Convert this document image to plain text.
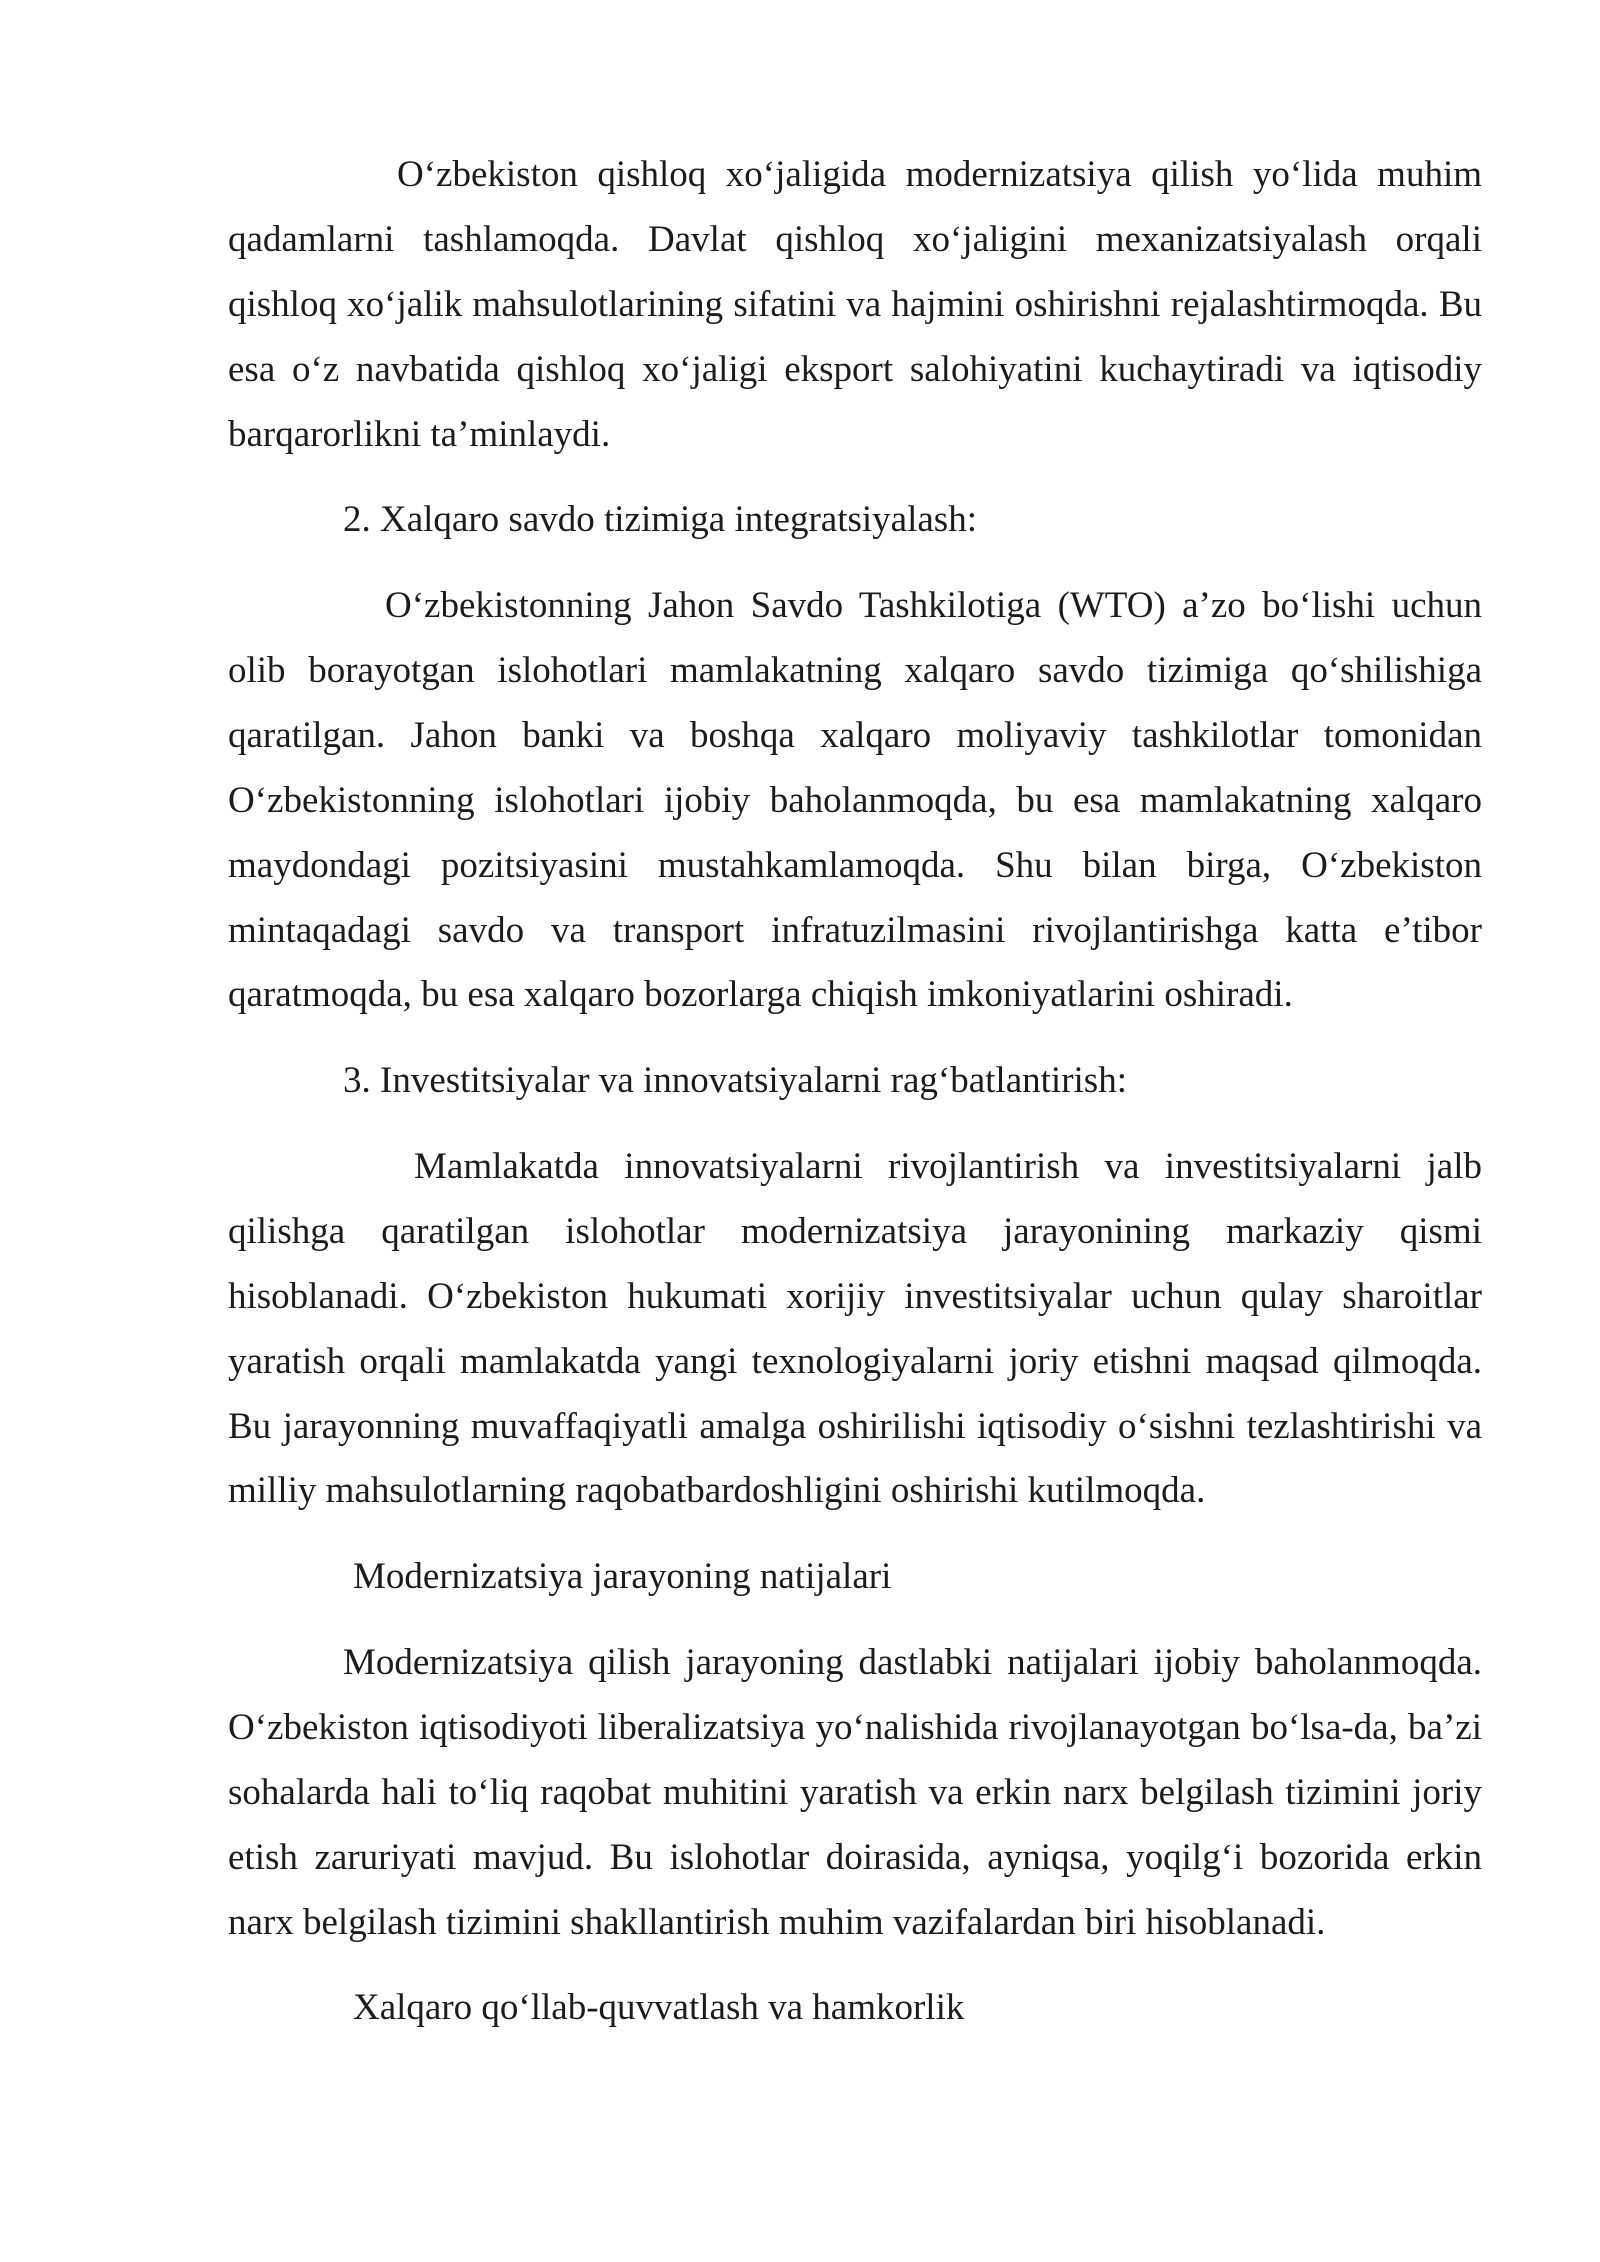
O‘zbekiston qishloq xo‘jaligida modernizatsiya qilish yo‘lida muhim
qadamlarni tashlamoqda. Davlat qishloq xo‘jaligini mexanizatsiyalash orqali
qishloq xo‘jalik mahsulotlarining sifatini va hajmini oshirishni rejalashtirmoqda. Bu
esa o‘z navbatida qishloq xo‘jaligi eksport salohiyatini kuchaytiradi va iqtisodiy
barqarorlikni ta’minlaydi.
2. Xalqaro savdo tizimiga integratsiyalash:
O‘zbekistonning Jahon Savdo Tashkilotiga (WTO) a’zo bo‘lishi uchun
olib borayotgan islohotlari mamlakatning xalqaro savdo tizimiga qo‘shilishiga
qaratilgan. Jahon banki va boshqa xalqaro moliyaviy tashkilotlar tomonidan
O‘zbekistonning islohotlari ijobiy baholanmoqda, bu esa mamlakatning xalqaro
maydondagi pozitsiyasini mustahkamlamoqda. Shu bilan birga, O‘zbekiston
mintaqadagi savdo va transport infratuzilmasini rivojlantirishga katta e’tibor
qaratmoqda, bu esa xalqaro bozorlarga chiqish imkoniyatlarini oshiradi.
3. Investitsiyalar va innovatsiyalarni rag‘batlantirish:
Mamlakatda innovatsiyalarni rivojlantirish va investitsiyalarni jalb
qilishga qaratilgan islohotlar modernizatsiya jarayonining markaziy qismi
hisoblanadi. O‘zbekiston hukumati xorijiy investitsiyalar uchun qulay sharoitlar
yaratish orqali mamlakatda yangi texnologiyalarni joriy etishni maqsad qilmoqda.
Bu jarayonning muvaffaqiyatli amalga oshirilishi iqtisodiy o‘sishni tezlashtirishi va
milliy mahsulotlarning raqobatbardoshligini oshirishi kutilmoqda.
Modernizatsiya jarayoning natijalari
Modernizatsiya qilish jarayoning dastlabki natijalari ijobiy baholanmoqda.
O‘zbekiston iqtisodiyoti liberalizatsiya yo‘nalishida rivojlanayotgan bo‘lsa-da, ba’zi
sohalarda hali to‘liq raqobat muhitini yaratish va erkin narx belgilash tizimini joriy
etish zaruriyati mavjud. Bu islohotlar doirasida, ayniqsa, yoqilg‘i bozorida erkin
narx belgilash tizimini shakllantirish muhim vazifalardan biri hisoblanadi.
Xalqaro qo‘llab-quvvatlash va hamkorlik
